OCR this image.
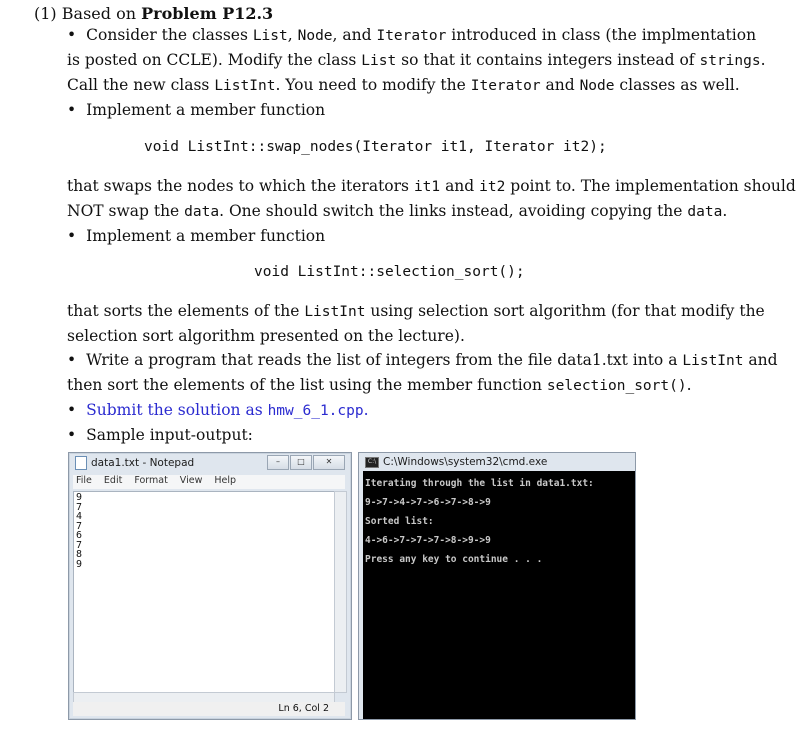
(1) Based on Problem P12.3
• Consider the classes List, Node, and Iterator introduced in class (the implmentation
is posted on CCLE). Modify the class List so that it contains integers instead of strings.
Call the new class ListInt. You need to modify the Iterator and Node classes as well.
• Implement a member function
void ListInt::swap_nodes(Iterator it1, Iterator it2);
that swaps the nodes to which the iterators it1 and it2 point to. The implementation should
NOT swap the data. One should switch the links instead, avoiding copying the data.
• Implement a member function
void ListInt::selection_sort();
that sorts the elements of the ListInt using selection sort algorithm (for that modify the
selection sort algorithm presented on the lecture).
• Write a program that reads the list of integers from the file data1.txt into a ListInt and
then sort the elements of the list using the member function selection_sort().
• Submit the solution as hmw_6_1.cpp.
• Sample input-output:
data1.txt - Notepad	–	□	✕
File	Edit	Format	View	Help
9
7
4
7
6
7
8
9
Ln 6, Col 2
C:\ C:\Windows\system32\cmd.exe
Iterating through the list in data1.txt:
9->7->4->7->6->7->8->9
Sorted list:
4->6->7->7->7->8->9->9
Press any key to continue . . .
